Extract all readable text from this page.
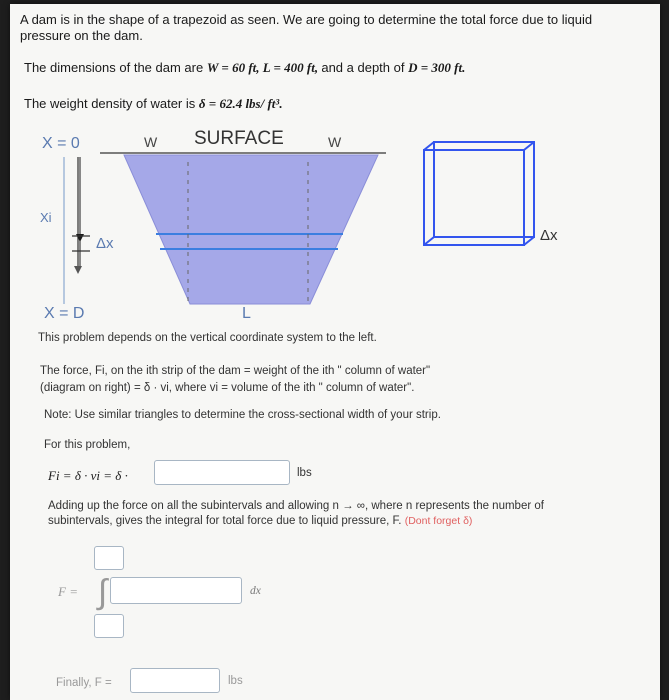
A dam is in the shape of a trapezoid as seen. We are going to determine the total force due to liquid
pressure on the dam.
The dimensions of the dam are W = 60 ft, L = 400 ft, and a depth of D = 300 ft.
The weight density of water is δ = 62.4 lbs/ ft³.
X = 0	W SURFACE	W
Xi
Δx	Δx
X = D	L
This problem depends on the vertical coordinate system to the left.
The force, Fi, on the ith strip of the dam = weight of the ith " column of water"
(diagram on right) = δ · vi, where vi = volume of the ith " column of water".
Note: Use similar triangles to determine the cross-sectional width of your strip.
For this problem,
Fi = δ · vi = δ ·	lbs
Adding up the force on all the subintervals and allowing n → ∞, where n represents the number of
subintervals, gives the integral for total force due to liquid pressure, F. (Dont forget δ)
F = ∫	dx
Finally, F =	lbs
